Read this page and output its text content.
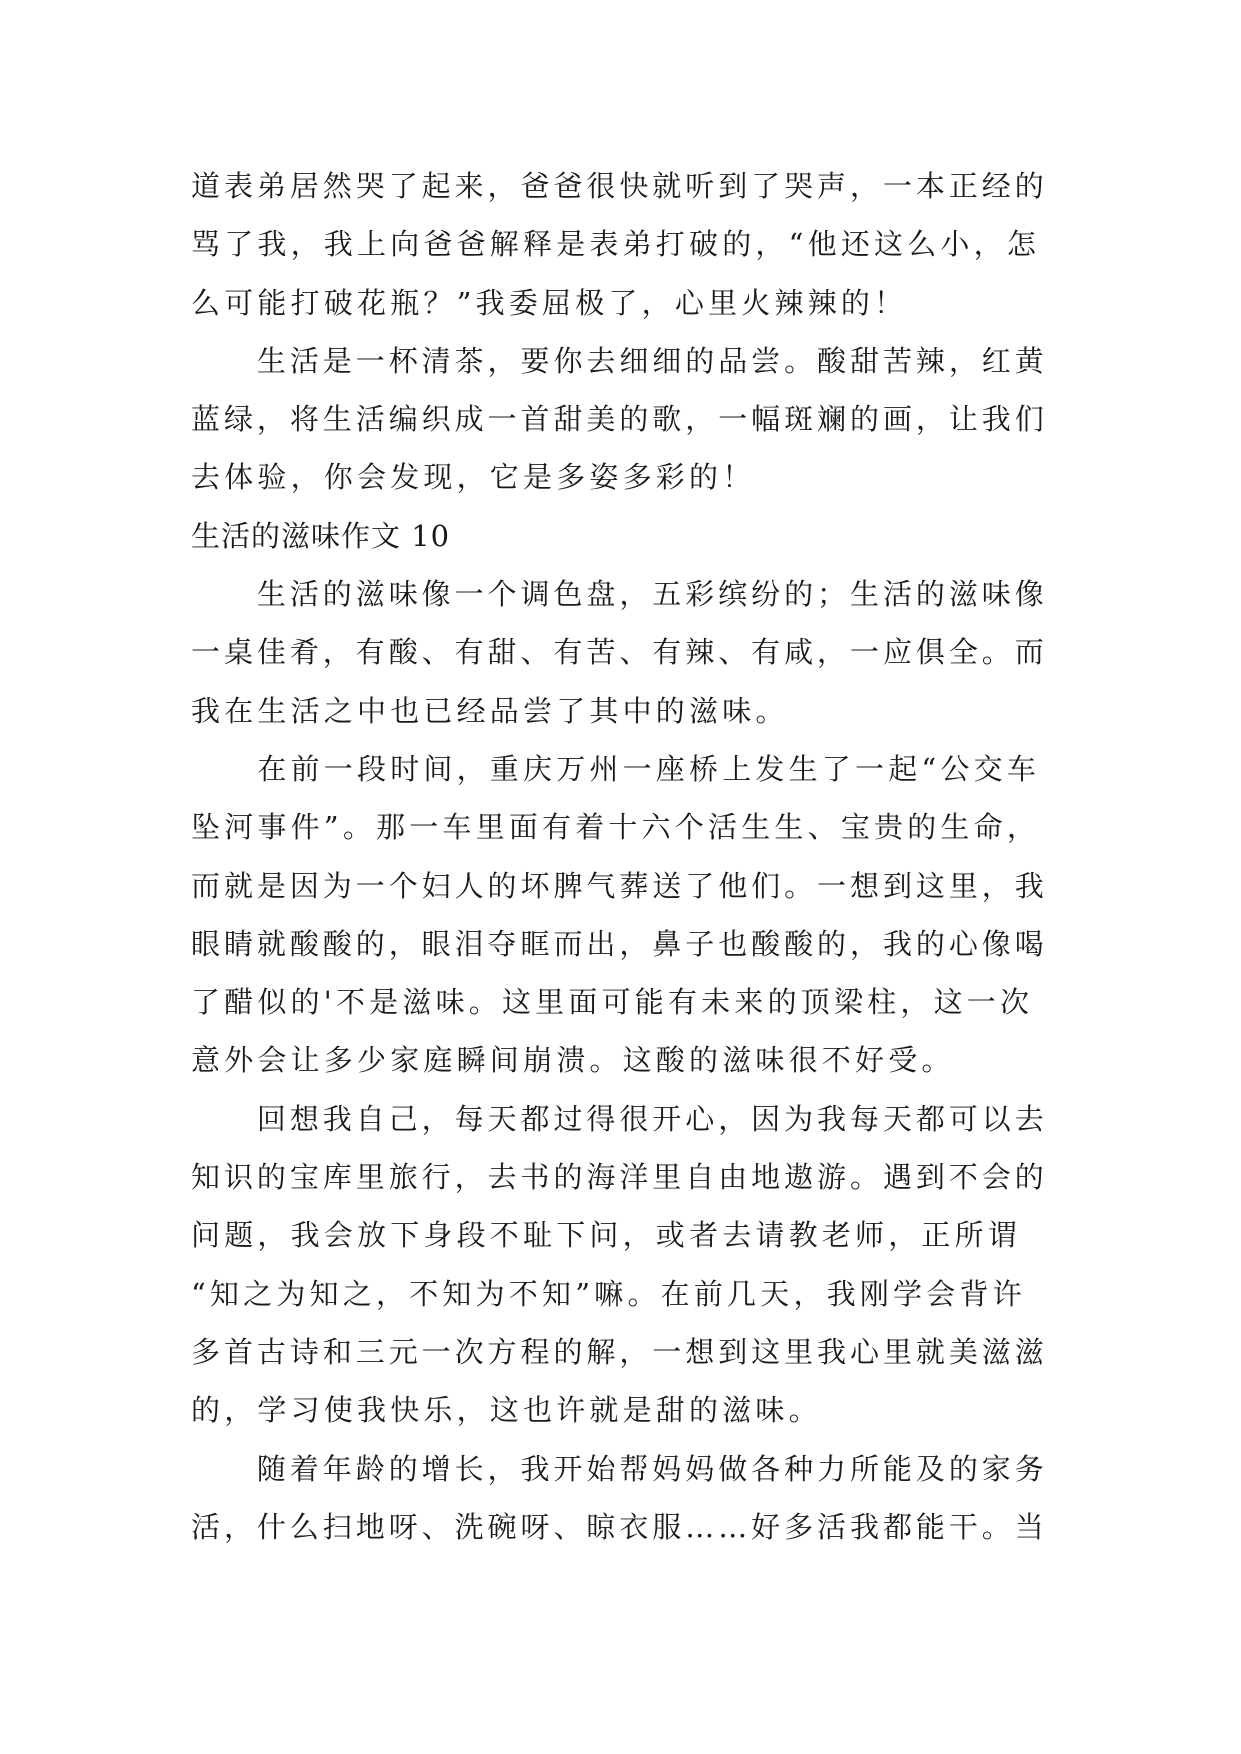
道表弟居然哭了起来，爸爸很快就听到了哭声，一本正经的
骂了我，我上向爸爸解释是表弟打破的，“他还这么小，怎
么可能打破花瓶？”我委屈极了，心里火辣辣的！
　　生活是一杯清茶，要你去细细的品尝。酸甜苦辣，红黄
蓝绿，将生活编织成一首甜美的歌，一幅斑斓的画，让我们
去体验，你会发现，它是多姿多彩的！
生活的滋味作文 10
　　生活的滋味像一个调色盘，五彩缤纷的；生活的滋味像
一桌佳肴，有酸、有甜、有苦、有辣、有咸，一应俱全。而
我在生活之中也已经品尝了其中的滋味。
　　在前一段时间，重庆万州一座桥上发生了一起“公交车
坠河事件”。那一车里面有着十六个活生生、宝贵的生命，
而就是因为一个妇人的坏脾气葬送了他们。一想到这里，我
眼睛就酸酸的，眼泪夺眶而出，鼻子也酸酸的，我的心像喝
了醋似的'不是滋味。这里面可能有未来的顶梁柱，这一次
意外会让多少家庭瞬间崩溃。这酸的滋味很不好受。
　　回想我自己，每天都过得很开心，因为我每天都可以去
知识的宝库里旅行，去书的海洋里自由地遨游。遇到不会的
问题，我会放下身段不耻下问，或者去请教老师，正所谓
“知之为知之，不知为不知”嘛。在前几天，我刚学会背许
多首古诗和三元一次方程的解，一想到这里我心里就美滋滋
的，学习使我快乐，这也许就是甜的滋味。
　　随着年龄的增长，我开始帮妈妈做各种力所能及的家务
活，什么扫地呀、洗碗呀、晾衣服……好多活我都能干。当
